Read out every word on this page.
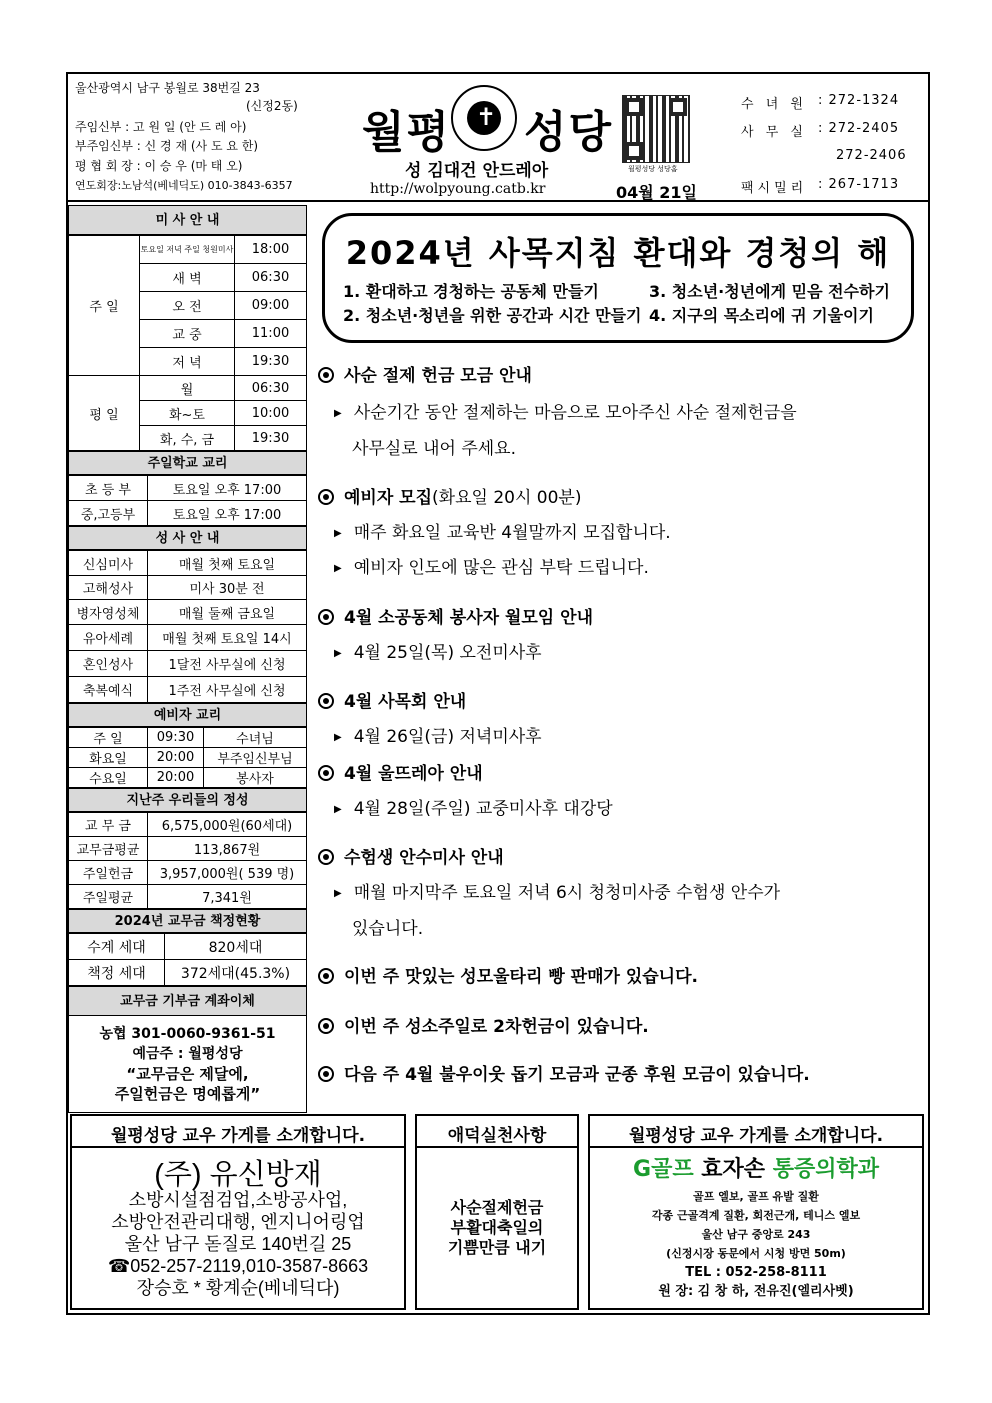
울산광역시 남구 봉월로 38번길 23
(신정2동)
주임신부 : 고 원 일 (안 드 레 아)
부주임신부 : 신 경 재 (사 도 요 한)
평 협 회 장 : 이 승 우 (마 태 오)
연도회장:노남석(베네딕도) 010-3843-6357
월평 ✝ 성당
성 김대건 안드레아
http://wolpyoung.catb.kr	04월 21일
월평성당 성당홈
수 녀 원 : 272-1324
사 무 실 : 272-2405
272-2406
팩시밀리 : 267-1713
미 사 안 내
주 일	토요일 저녁 주일 청원미사	18:00
	새 벽	06:30
	오 전	09:00
	교 중	11:00
	저 녁	19:30
평 일	월	06:30
	화~토	10:00
	화, 수, 금	19:30
주일학교 교리
초 등 부	토요일 오후 17:00
중,고등부	토요일 오후 17:00
성 사 안 내
신심미사	매월 첫째 토요일
고해성사	미사 30분 전
병자영성체	매월 둘째 금요일
유아세례	매월 첫째 토요일 14시
혼인성사	1달전 사무실에 신청
축복예식	1주전 사무실에 신청
예비자 교리
주 일	09:30	수녀님
화요일	20:00	부주임신부님
수요일	20:00	봉사자
지난주 우리들의 정성
교 무 금	6,575,000원(60세대)
교무금평균	113,867원
주일헌금	3,957,000원( 539 명)
주일평균	7,341원
2024년 교무금 책정현황
수계 세대	820세대
책정 세대	372세대(45.3%)
교무금 기부금 계좌이체
농협 301-0060-9361-51
예금주 : 월평성당
“교무금은 제달에,
주일헌금은 명예롭게”
2024년 사목지침 환대와 경청의 해
1. 환대하고 경청하는 공동체 만들기	3. 청소년·청년에게 믿음 전수하기
2. 청소년·청년을 위한 공간과 시간 만들기 4. 지구의 목소리에 귀 기울이기
사순 절제 헌금 모금 안내
▶ 사순기간 동안 절제하는 마음으로 모아주신 사순 절제헌금을
사무실로 내어 주세요.
예비자 모집(화요일 20시 00분)
▶ 매주 화요일 교육반 4월말까지 모집합니다.
▶ 예비자 인도에 많은 관심 부탁 드립니다.
4월 소공동체 봉사자 월모임 안내
▶ 4월 25일(목) 오전미사후
4월 사목회 안내
▶ 4월 26일(금) 저녁미사후
4월 울뜨레아 안내
▶ 4월 28일(주일) 교중미사후 대강당
수험생 안수미사 안내
▶ 매월 마지막주 토요일 저녁 6시 청청미사중 수험생 안수가
있습니다.
이번 주 맛있는 성모울타리 빵 판매가 있습니다.
이번 주 성소주일로 2차헌금이 있습니다.
다음 주 4월 불우이웃 돕기 모금과 군종 후원 모금이 있습니다.
월평성당 교우 가게를 소개합니다.
(주) 유신방재
소방시설점검업,소방공사업,
소방안전관리대행, 엔지니어링업
울산 남구 돋질로 140번길 25
☎052-257-2119,010-3587-8663
장승호 * 황계순(베네딕다)
애덕실천사항
사순절제헌금
부활대축일의
기쁨만큼 내기
월평성당 교우 가게를 소개합니다.
G골프 효자손 통증의학과
골프 엘보, 골프 유발 질환
각종 근골격계 질환, 회전근개, 테니스 엘보
울산 남구 중앙로 243
(신정시장 동문에서 시청 방면 50m)
TEL : 052-258-8111
원 장: 김 창 하, 전유진(엘리사벳)
